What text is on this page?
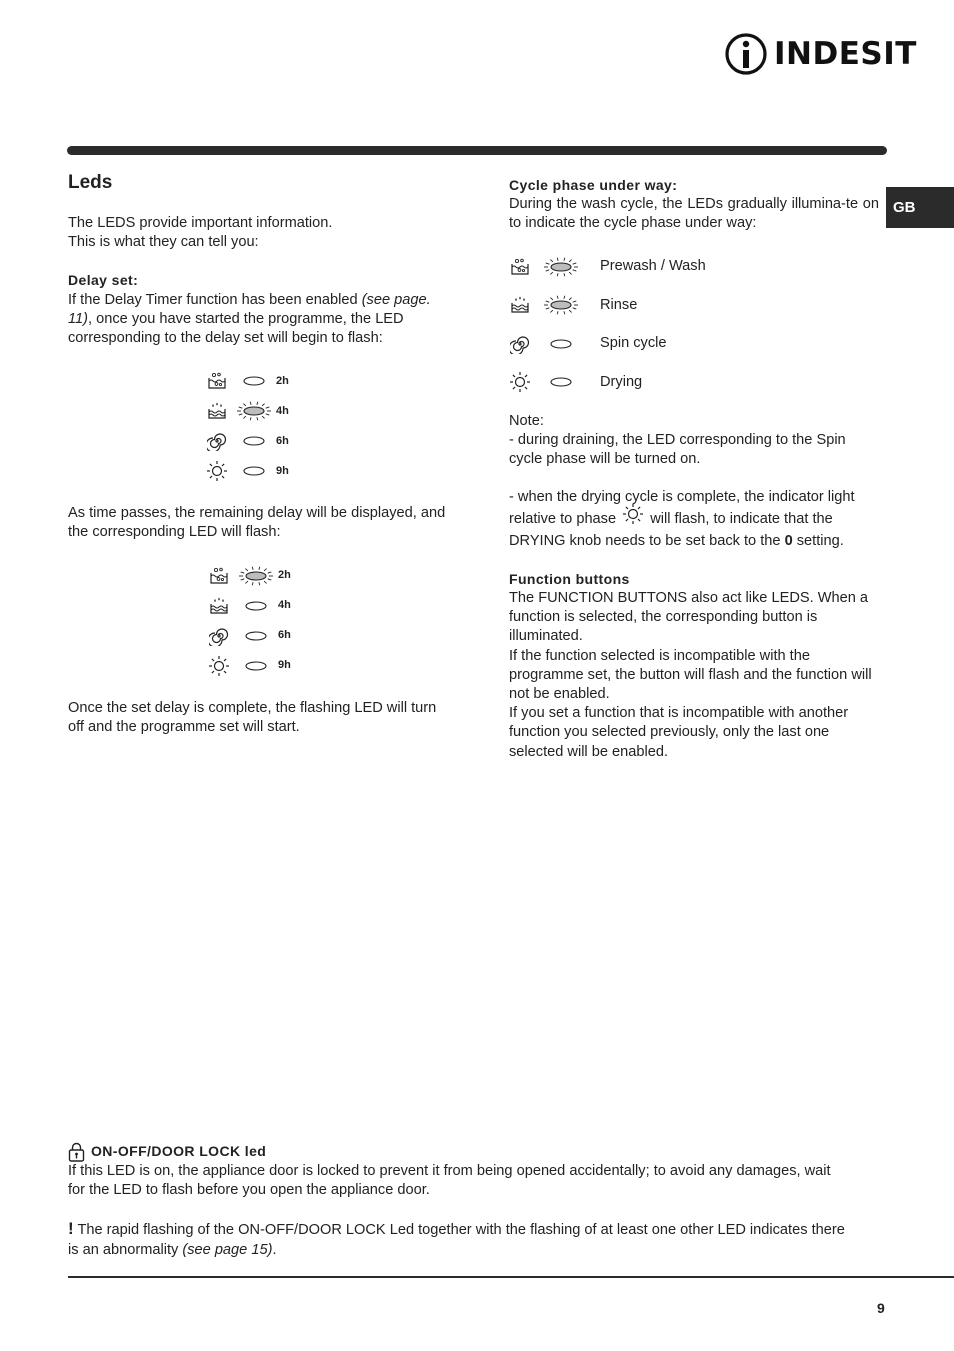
INDESIT
GB
Leds

The LEDS provide important information.

This is what they can tell you:

Delay set:

If the Delay Timer function has been enabled (see page. 11), once you have started the programme, the LED corresponding to the delay set will begin to flash:

2h
4h
6h
9h

As time passes, the remaining delay will be displayed, and the corresponding LED will flash:

2h
4h
6h
9h

Once the set delay is complete, the flashing LED will turn off and the programme set will start.

Cycle phase under way:

During the wash cycle, the LEDs gradually illumina-te on to indicate the cycle phase under way:

Prewash / Wash
Rinse
Spin cycle
Drying

Note:

- during draining, the LED corresponding to the Spin cycle phase will be turned on.

- when the drying cycle is complete, the indicator light relative to phase will flash, to indicate that the DRYING knob needs to be set back to the 0 setting.

Function buttons

The FUNCTION BUTTONS also act like LEDS. When a function is selected, the corresponding button is illuminated.

If the function selected is incompatible with the programme set, the button will flash and the function will not be enabled.

If you set a function that is incompatible with another function you selected previously, only the last one selected will be enabled.

ON-OFF/DOOR LOCK led

If this LED is on, the appliance door is locked to prevent it from being opened accidentally; to avoid any damages, wait for the LED to flash before you open the appliance door.

! The rapid flashing of the ON-OFF/DOOR LOCK Led together with the flashing of at least one other LED indicates there is an abnormality (see page 15).

9
